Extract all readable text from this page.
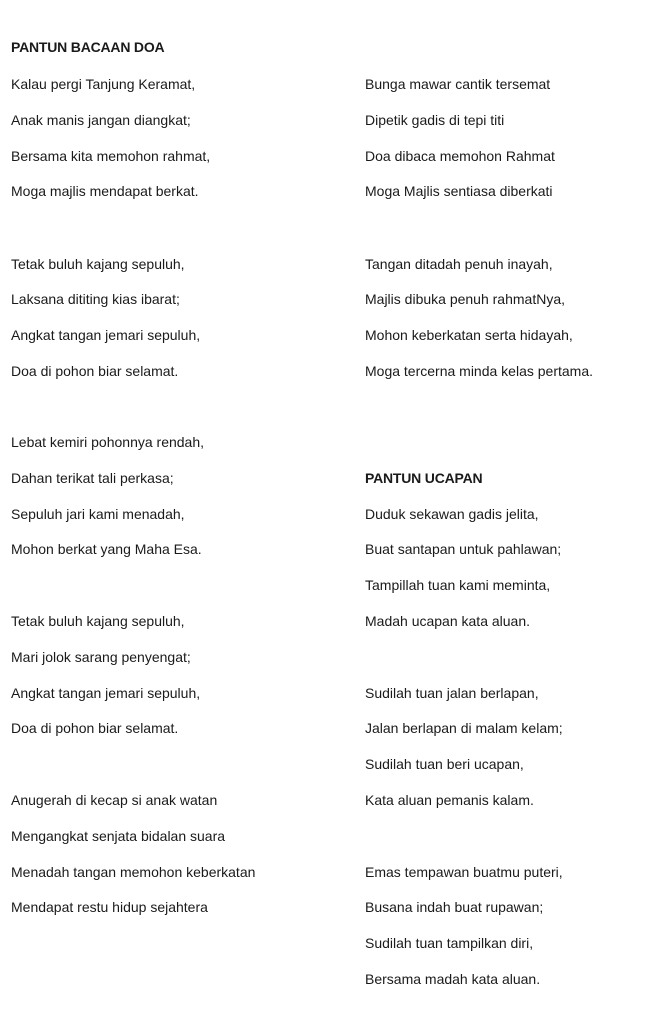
PANTUN BACAAN DOA
Kalau pergi Tanjung Keramat,
Anak manis jangan diangkat;
Bersama kita memohon rahmat,
Moga majlis mendapat berkat.
Tetak buluh kajang sepuluh,
Laksana dititing kias ibarat;
Angkat tangan jemari sepuluh,
Doa di pohon biar selamat.
Lebat kemiri pohonnya rendah,
Dahan terikat tali perkasa;
Sepuluh jari kami menadah,
Mohon berkat yang Maha Esa.
Tetak buluh kajang sepuluh,
Mari jolok sarang penyengat;
Angkat tangan jemari sepuluh,
Doa di pohon biar selamat.
Anugerah di kecap si anak watan
Mengangkat senjata bidalan suara
Menadah tangan memohon keberkatan
Mendapat restu hidup sejahtera
Bunga mawar cantik tersemat
Dipetik gadis di tepi titi
Doa dibaca memohon Rahmat
Moga Majlis sentiasa diberkati
Tangan ditadah penuh inayah,
Majlis dibuka penuh rahmatNya,
Mohon keberkatan serta hidayah,
Moga tercerna minda kelas pertama.
PANTUN UCAPAN
Duduk sekawan gadis jelita,
Buat santapan untuk pahlawan;
Tampillah tuan kami meminta,
Madah ucapan kata aluan.
Sudilah tuan jalan berlapan,
Jalan berlapan di malam kelam;
Sudilah tuan beri ucapan,
Kata aluan pemanis kalam.
Emas tempawan buatmu puteri,
Busana indah buat rupawan;
Sudilah tuan tampilkan diri,
Bersama madah kata aluan.
